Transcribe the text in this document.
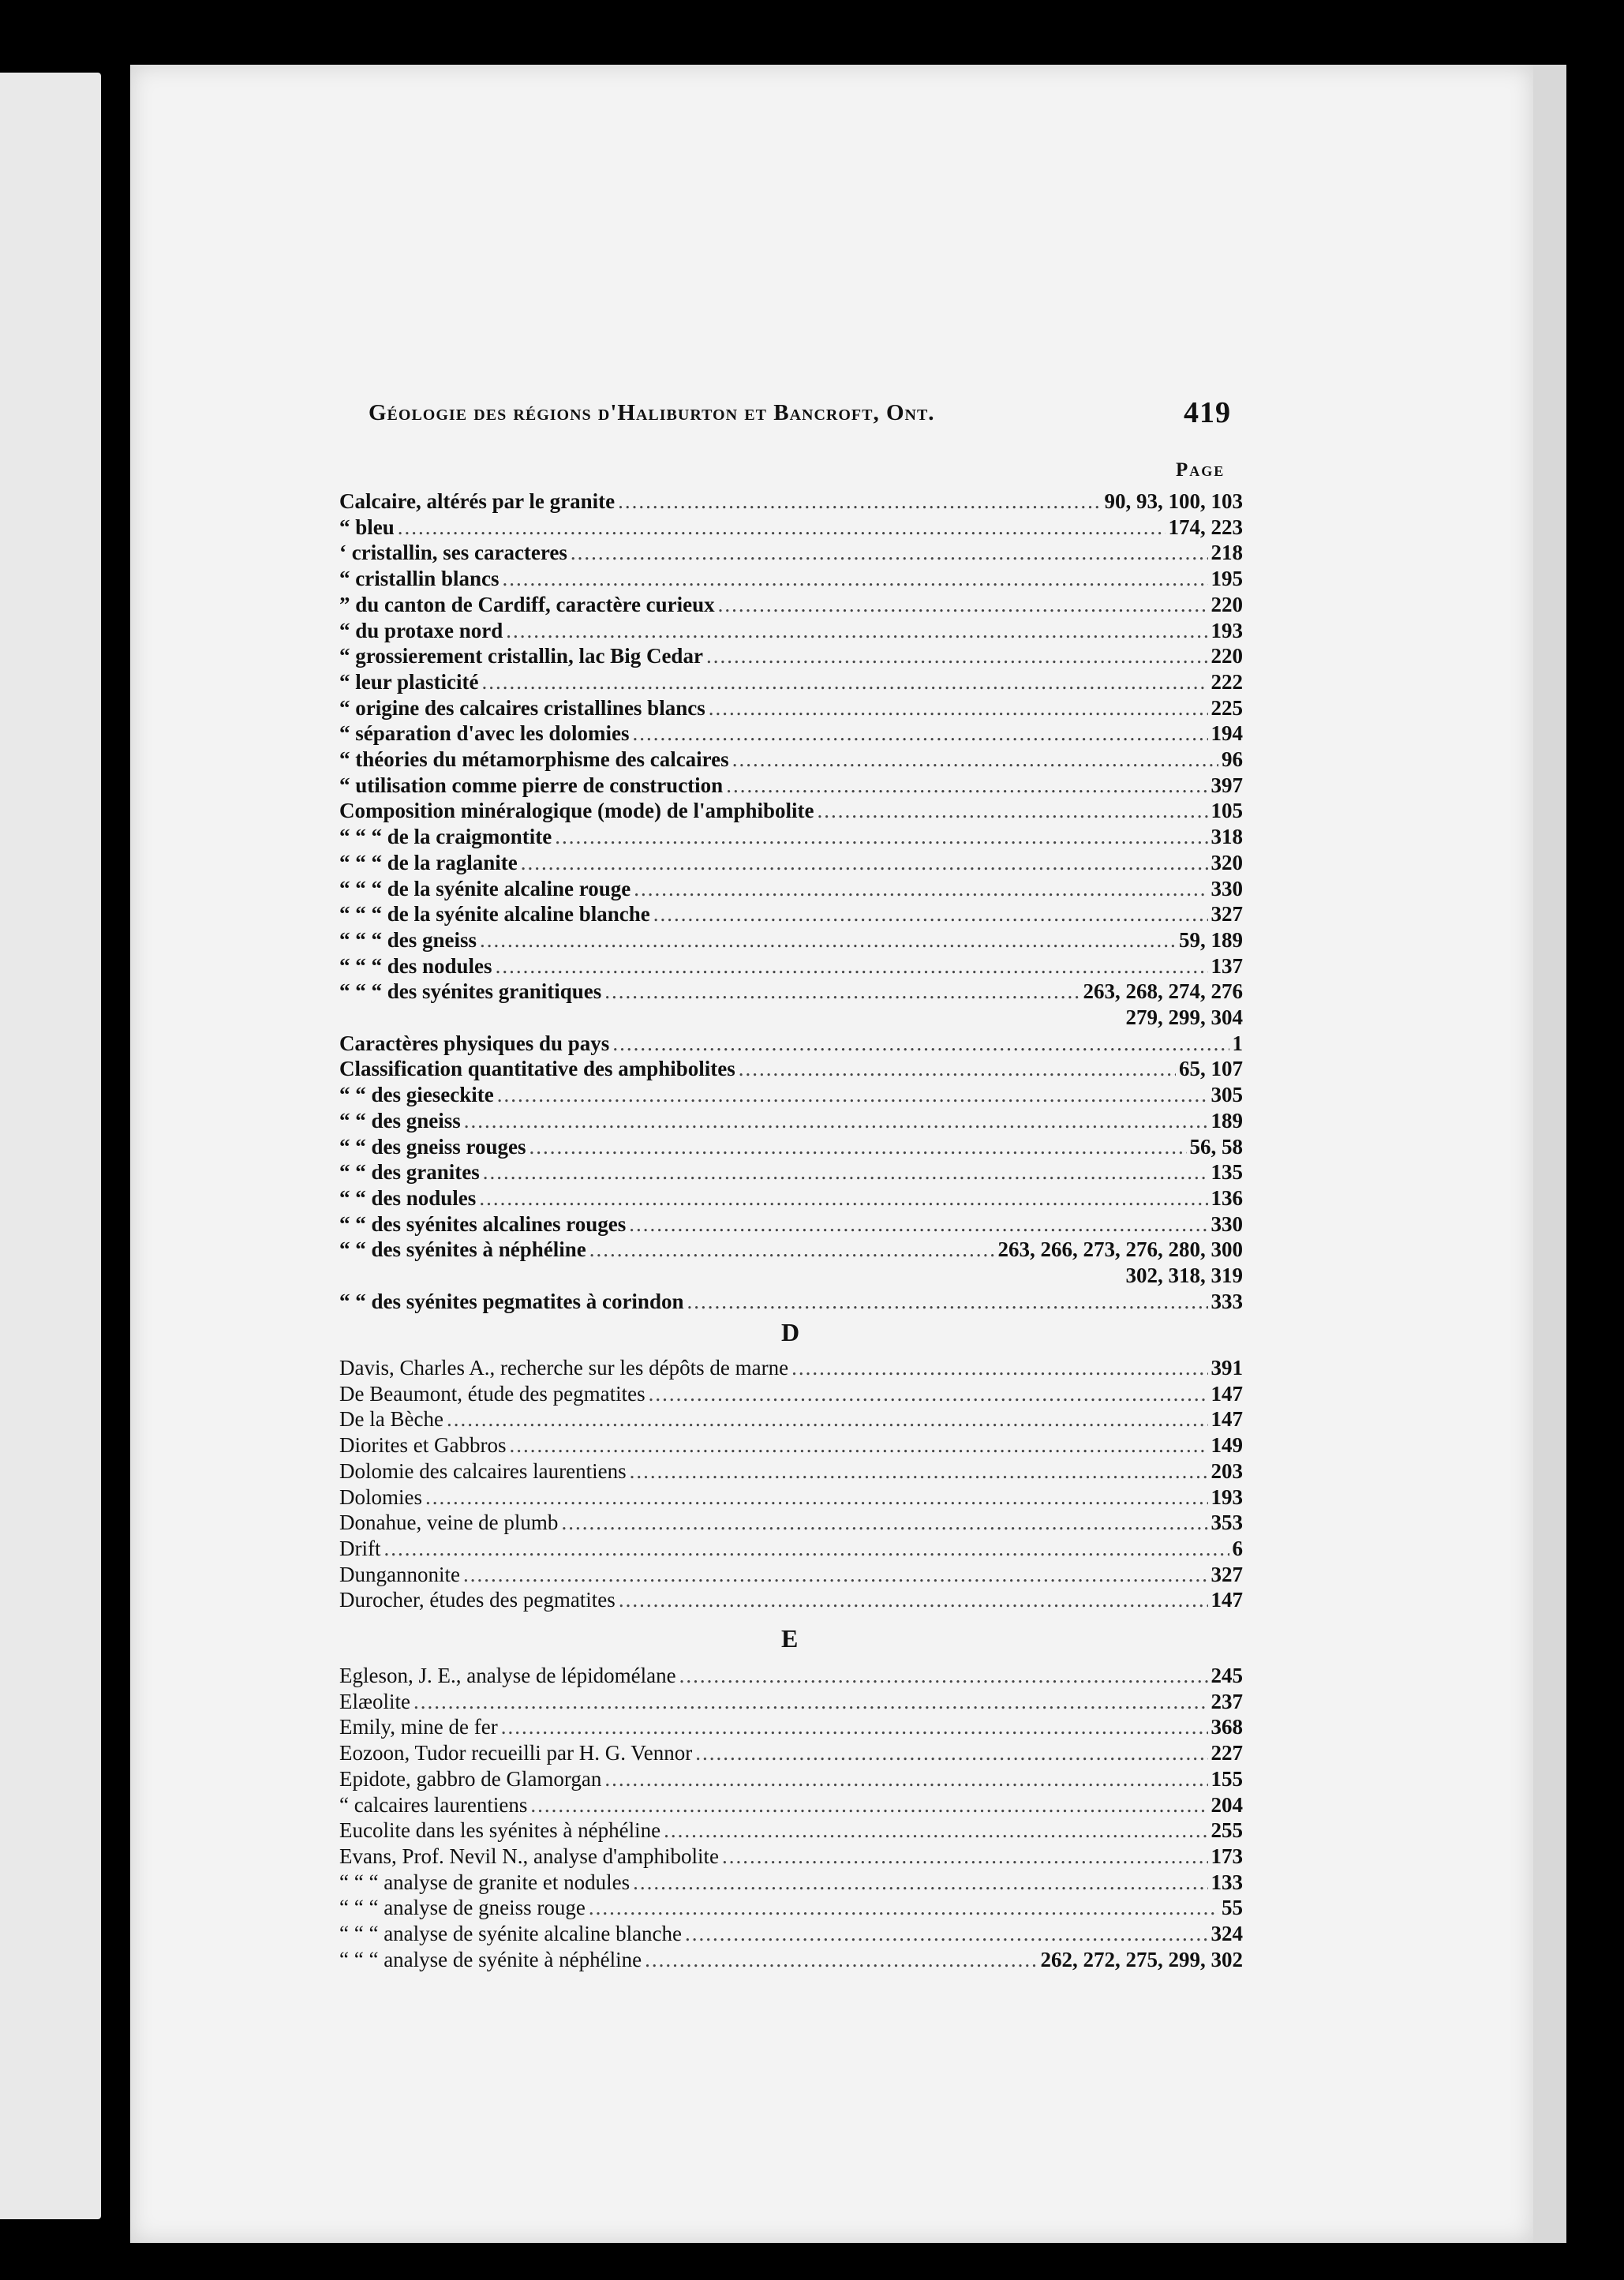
Géologie des régions d'Haliburton et Bancroft, Ont.	419
Page
Calcaire, altérés par le granite .....	90, 93, 100, 103
“ bleu .....	174, 223
‘ cristallin, ses caracteres .....	218
“ cristallin blancs .....	195
” du canton de Cardiff, caractère curieux .....	220
“ du protaxe nord .....	193
“ grossierement cristallin, lac Big Cedar .....	220
“ leur plasticité .....	222
“ origine des calcaires cristallines blancs .....	225
“ séparation d'avec les dolomies .....	194
“ théories du métamorphisme des calcaires .....	96
“ utilisation comme pierre de construction .....	397
Composition minéralogique (mode) de l'amphibolite .....	105
“ “ “ de la craigmontite .....	318
“ “ “ de la raglanite .....	320
“ “ “ de la syénite alcaline rouge .....	330
“ “ “ de la syénite alcaline blanche .....	327
“ “ “ des gneiss .....	59, 189
“ “ “ des nodules .....	137
“ “ “ des syénites granitiques .....	263, 268, 274, 276
279, 299, 304
Caractères physiques du pays .....	1
Classification quantitative des amphibolites .....	65, 107
“ “ des gieseckite .....	305
“ “ des gneiss .....	189
“ “ des gneiss rouges .....	56, 58
“ “ des granites .....	135
“ “ des nodules .....	136
“ “ des syénites alcalines rouges .....	330
“ “ des syénites à néphéline .....	263, 266, 273, 276, 280, 300
302, 318, 319
“ “ des syénites pegmatites à corindon .....	333
D
Davis, Charles A., recherche sur les dépôts de marne .....	391
De Beaumont, étude des pegmatites .....	147
De la Bèche .....	147
Diorites et Gabbros .....	149
Dolomie des calcaires laurentiens .....	203
Dolomies .....	193
Donahue, veine de plumb .....	353
Drift .....	6
Dungannonite .....	327
Durocher, études des pegmatites .....	147
E
Egleson, J. E., analyse de lépidomélane .....	245
Elæolite .....	237
Emily, mine de fer .....	368
Eozoon, Tudor recueilli par H. G. Vennor .....	227
Epidote, gabbro de Glamorgan .....	155
“ calcaires laurentiens .....	204
Eucolite dans les syénites à néphéline .....	255
Evans, Prof. Nevil N., analyse d'amphibolite .....	173
“ “ “ analyse de granite et nodules .....	133
“ “ “ analyse de gneiss rouge .....	55
“ “ “ analyse de syénite alcaline blanche .....	324
“ “ “ analyse de syénite à néphéline .....	262, 272, 275, 299, 302
